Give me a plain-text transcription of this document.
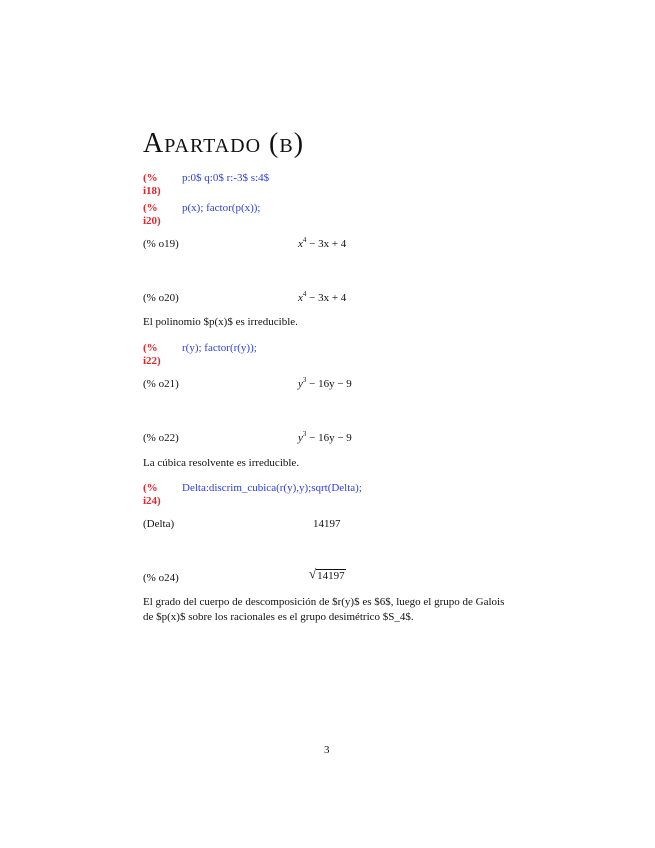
Apartado (b)
(% i18)
p:0$ q:0$ r:-3$ s:4$
(% i20)
p(x); factor(p(x));
(% o19)	$x^4 - 3x + 4$
(% o20)	$x^4 - 3x + 4$
El polinomio $p(x)$ es irreducible.
(% i22)
r(y); factor(r(y));
(% o21)	$y^3 - 16y - 9$
(% o22)	$y^3 - 16y - 9$
La cúbica resolvente es irreducible.
(% i24)
Delta:discrim_cubica(r(y),y);sqrt(Delta);
(Delta)	14197
(% o24)	√ 14197
El grado del cuerpo de descomposición de $r(y)$ es $6$, luego el grupo de Galois
de $p(x)$ sobre los racionales es el grupo desimétrico $S_4$.
3
